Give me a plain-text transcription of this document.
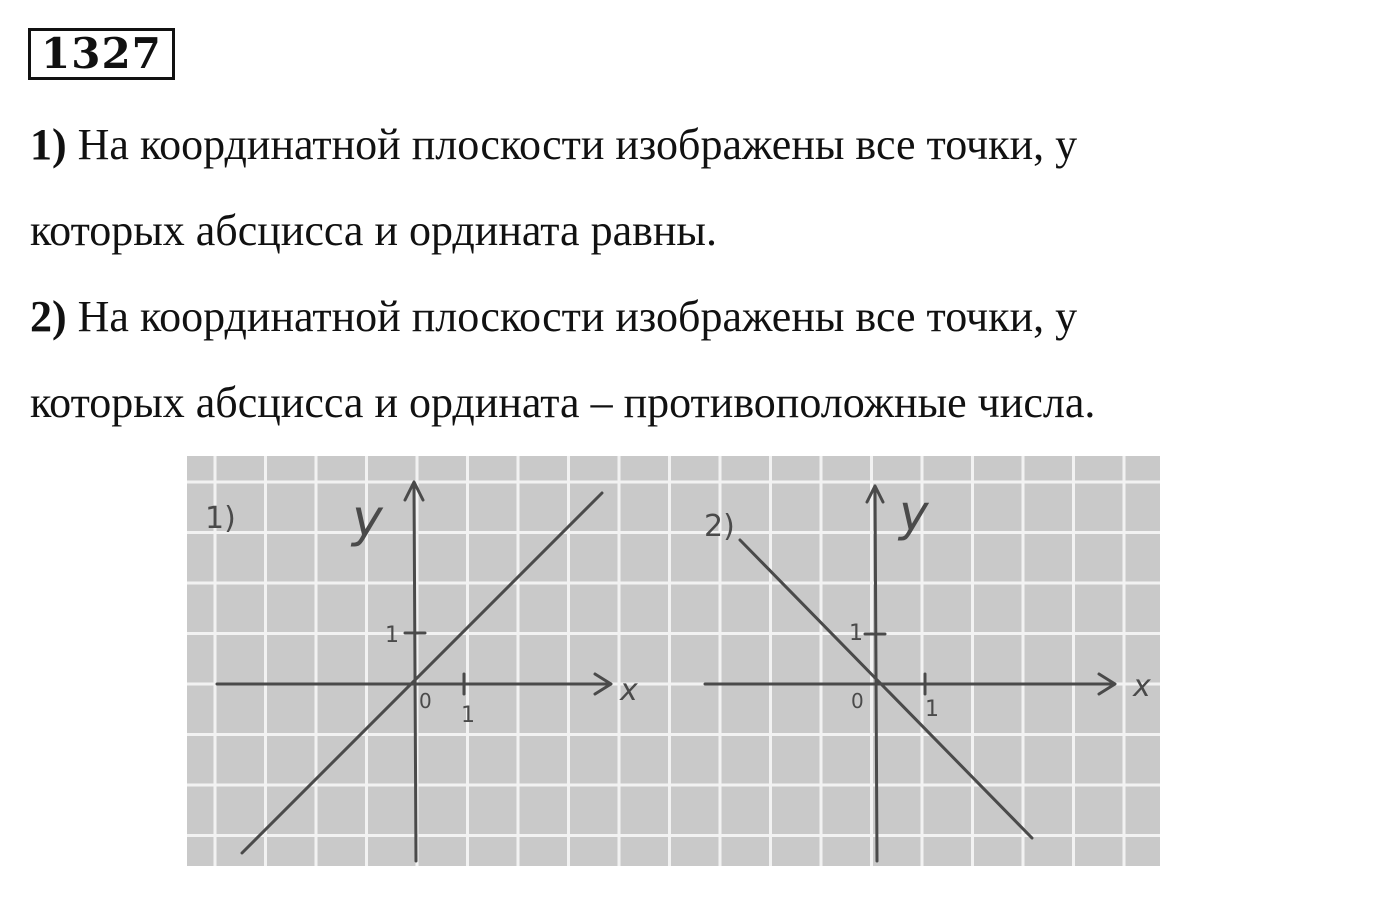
1327
1) На координатной плоскости изображены все точки, у
которых абсцисса и ордината равны.
2) На координатной плоскости изображены все точки, у
которых абсцисса и ордината – противоположные числа.
1) y
x
0
1
1
2)	y
x
0	1
1
